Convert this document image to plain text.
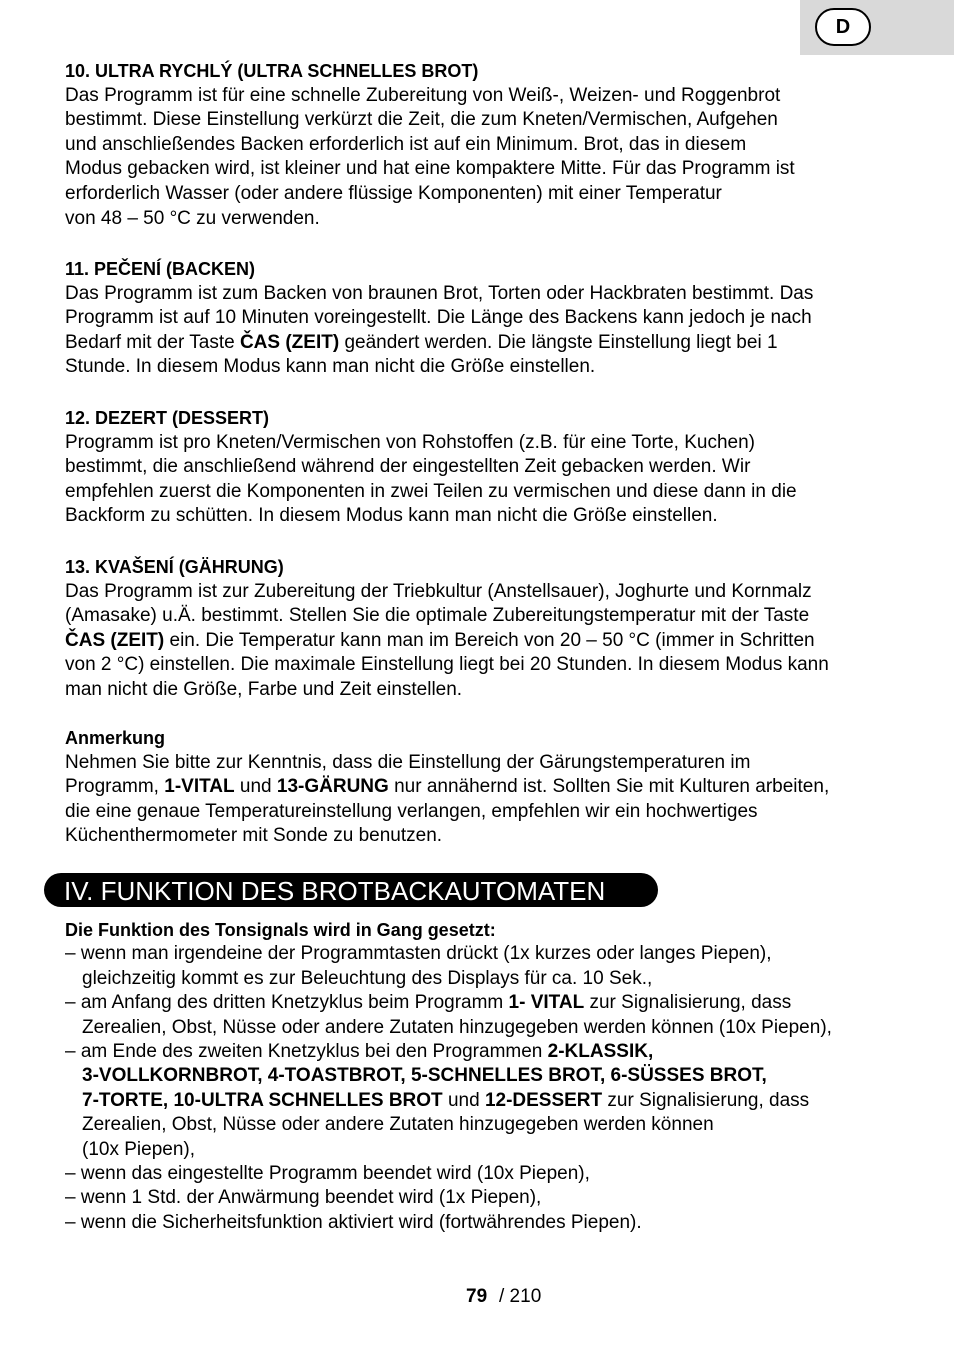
D
10. ULTRA RYCHLÝ (ULTRA SCHNELLES BROT)
Das Programm ist für eine schnelle Zubereitung von Weiß-, Weizen- und Roggenbrot
bestimmt. Diese Einstellung verkürzt die Zeit, die zum Kneten/Vermischen, Aufgehen
und anschließendes Backen erforderlich ist auf ein Minimum. Brot, das in diesem
Modus gebacken wird, ist kleiner und hat eine kompaktere Mitte. Für das Programm ist
erforderlich Wasser (oder andere flüssige Komponenten) mit einer Temperatur
von 48 – 50 °C zu verwenden.
11. PEČENÍ (BACKEN)
Das Programm ist zum Backen von braunen Brot, Torten oder Hackbraten bestimmt. Das
Programm ist auf 10 Minuten voreingestellt. Die Länge des Backens kann jedoch je nach
Bedarf mit der Taste ČAS (ZEIT) geändert werden. Die längste Einstellung liegt bei 1
Stunde. In diesem Modus kann man nicht die Größe einstellen.
12. DEZERT (DESSERT)
Programm ist pro Kneten/Vermischen von Rohstoffen (z.B. für eine Torte, Kuchen)
bestimmt, die anschließend während der eingestellten Zeit gebacken werden. Wir
empfehlen zuerst die Komponenten in zwei Teilen zu vermischen und diese dann in die
Backform zu schütten. In diesem Modus kann man nicht die Größe einstellen.
13. KVAŠENÍ (GÄHRUNG)
Das Programm ist zur Zubereitung der Triebkultur (Anstellsauer), Joghurte und Kornmalz
(Amasake) u.Ä. bestimmt. Stellen Sie die optimale Zubereitungstemperatur mit der Taste
ČAS (ZEIT) ein. Die Temperatur kann man im Bereich von 20 – 50 °C (immer in Schritten
von 2 °C) einstellen. Die maximale Einstellung liegt bei 20 Stunden. In diesem Modus kann
man nicht die Größe, Farbe und Zeit einstellen.
Anmerkung
Nehmen Sie bitte zur Kenntnis, dass die Einstellung der Gärungstemperaturen im
Programm, 1-VITAL und 13-GÄRUNG nur annähernd ist. Sollten Sie mit Kulturen arbeiten,
die eine genaue Temperatureinstellung verlangen, empfehlen wir ein hochwertiges
Küchenthermometer mit Sonde zu benutzen.
IV. FUNKTION DES BROTBACKAUTOMATEN
Die Funktion des Tonsignals wird in Gang gesetzt:
– wenn man irgendeine der Programmtasten drückt (1x kurzes oder langes Piepen),
gleichzeitig kommt es zur Beleuchtung des Displays für ca. 10 Sek.,
– am Anfang des dritten Knetzyklus beim Programm 1- VITAL zur Signalisierung, dass
Zerealien, Obst, Nüsse oder andere Zutaten hinzugegeben werden können (10x Piepen),
– am Ende des zweiten Knetzyklus bei den Programmen 2-KLASSIK,
3-VOLLKORNBROT, 4-TOASTBROT, 5-SCHNELLES BROT, 6-SÜSSES BROT,
7-TORTE, 10-ULTRA SCHNELLES BROT und 12-DESSERT zur Signalisierung, dass
Zerealien, Obst, Nüsse oder andere Zutaten hinzugegeben werden können
(10x Piepen),
– wenn das eingestellte Programm beendet wird (10x Piepen),
– wenn 1 Std. der Anwärmung beendet wird (1x Piepen),
– wenn die Sicherheitsfunktion aktiviert wird (fortwährendes Piepen).
79 / 210
